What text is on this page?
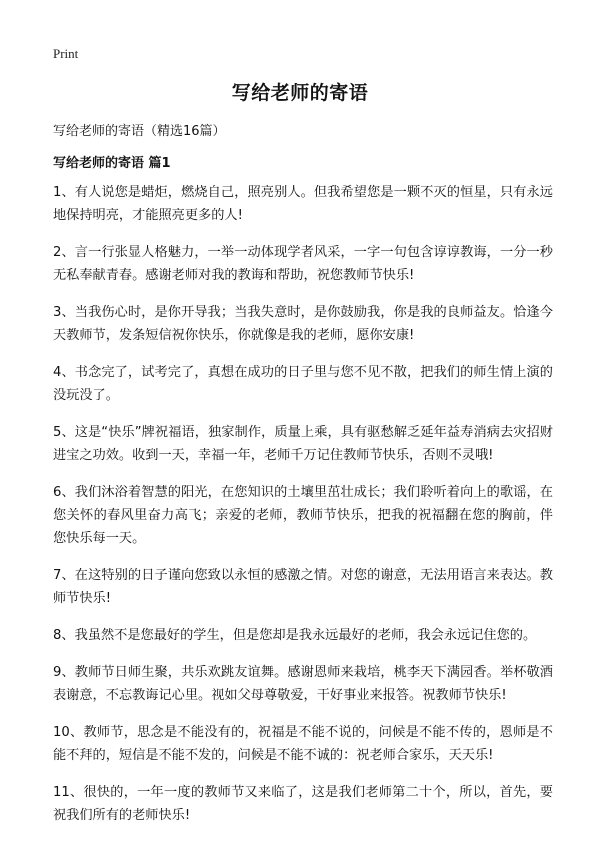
Print
写给老师的寄语

写给老师的寄语（精选16篇）

写给老师的寄语 篇1

1、有人说您是蜡炬，燃烧自己，照亮别人。但我希望您是一颗不灭的恒星，只有永远地保持明亮，才能照亮更多的人!

2、言一行张显人格魅力，一举一动体现学者风采，一字一句包含谆谆教诲，一分一秒无私奉献青春。感谢老师对我的教诲和帮助，祝您教师节快乐!

3、当我伤心时，是你开导我；当我失意时，是你鼓励我，你是我的良师益友。恰逢今天教师节，发条短信祝你快乐，你就像是我的老师，愿你安康!

4、书念完了，试考完了，真想在成功的日子里与您不见不散，把我们的师生情上演的没玩没了。

5、这是“快乐”牌祝福语，独家制作，质量上乘，具有驱愁解乏延年益寿消病去灾招财进宝之功效。收到一天，幸福一年，老师千万记住教师节快乐，否则不灵哦!

6、我们沐浴着智慧的阳光，在您知识的土壤里茁壮成长；我们聆听着向上的歌谣，在您关怀的春风里奋力高飞；亲爱的老师，教师节快乐，把我的祝福翻在您的胸前，伴您快乐每一天。

7、在这特别的日子谨向您致以永恒的感激之情。对您的谢意，无法用语言来表达。教师节快乐!

8、我虽然不是您最好的学生，但是您却是我永远最好的老师，我会永远记住您的。

9、教师节日师生聚，共乐欢跳友谊舞。感谢恩师来栽培，桃李天下满园香。举杯敬酒表谢意，不忘教诲记心里。视如父母尊敬爱，干好事业来报答。祝教师节快乐!

10、教师节，思念是不能没有的，祝福是不能不说的，问候是不能不传的，恩师是不能不拜的，短信是不能不发的，问候是不能不诚的：祝老师合家乐，天天乐!

11、很快的，一年一度的教师节又来临了，这是我们老师第二十个，所以，首先，要祝我们所有的老师快乐!
